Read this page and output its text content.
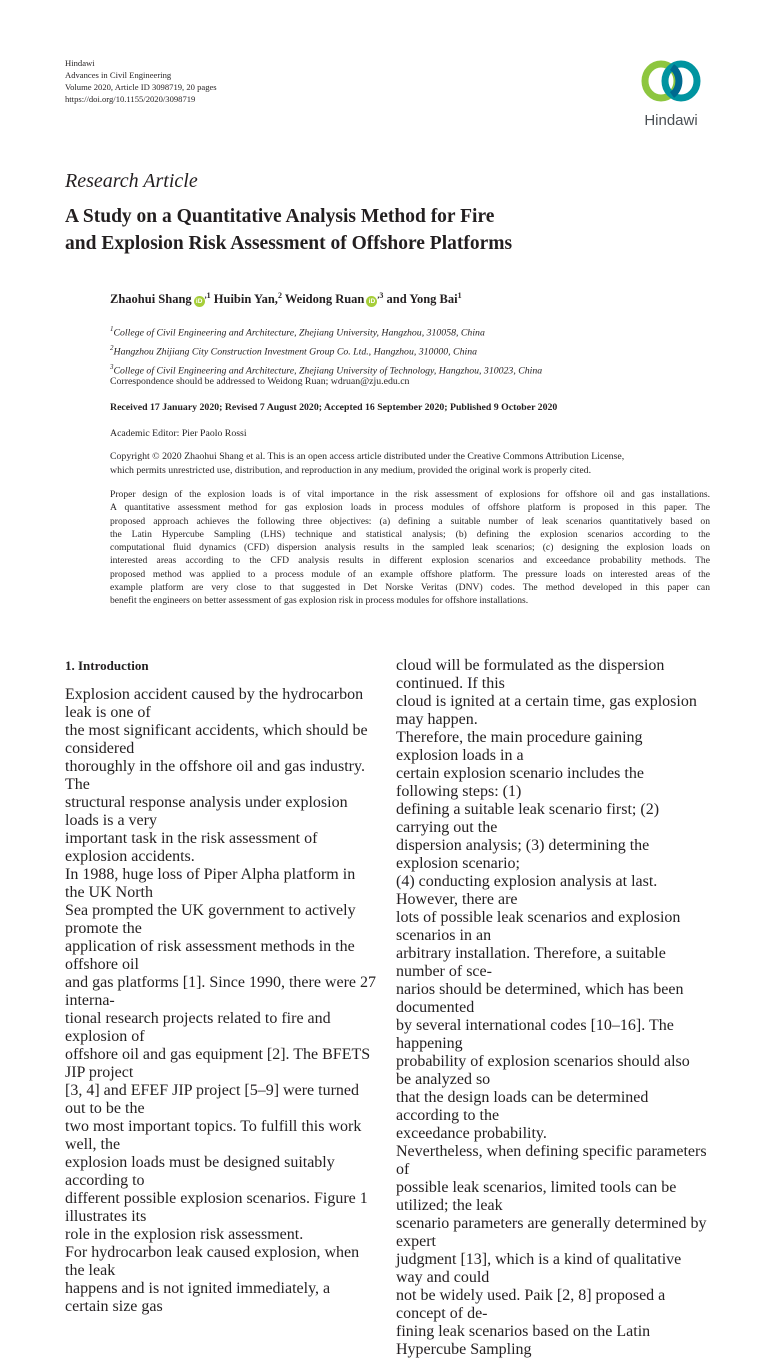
Hindawi
Advances in Civil Engineering
Volume 2020, Article ID 3098719, 20 pages
https://doi.org/10.1155/2020/3098719
Hindawi
Research Article
A Study on a Quantitative Analysis Method for Fire
and Explosion Risk Assessment of Offshore Platforms
Zhaohui Shang $iD^{,1}$ Huibin Yan,$^2$ Weidong Ruan $iD^{,3}$ and Yong Bai$^1$
$^1$College of Civil Engineering and Architecture, Zhejiang University, Hangzhou, 310058, China
$^2$Hangzhou Zhijiang City Construction Investment Group Co. Ltd., Hangzhou, 310000, China
$^3$College of Civil Engineering and Architecture, Zhejiang University of Technology, Hangzhou, 310023, China
Correspondence should be addressed to Weidong Ruan; wdruan@zju.edu.cn
Received 17 January 2020; Revised 7 August 2020; Accepted 16 September 2020; Published 9 October 2020
Academic Editor: Pier Paolo Rossi
Copyright © 2020 Zhaohui Shang et al. This is an open access article distributed under the Creative Commons Attribution License,
which permits unrestricted use, distribution, and reproduction in any medium, provided the original work is properly cited.
Proper design of the explosion loads is of vital importance in the risk assessment of explosions for offshore oil and gas installations.
A quantitative assessment method for gas explosion loads in process modules of offshore platform is proposed in this paper. The
proposed approach achieves the following three objectives: (a) defining a suitable number of leak scenarios quantitatively based on
the Latin Hypercube Sampling (LHS) technique and statistical analysis; (b) defining the explosion scenarios according to the
computational fluid dynamics (CFD) dispersion analysis results in the sampled leak scenarios; (c) designing the explosion loads on
interested areas according to the CFD analysis results in different explosion scenarios and exceedance probability methods. The
proposed method was applied to a process module of an example offshore platform. The pressure loads on interested areas of the
example platform are very close to that suggested in Det Norske Veritas (DNV) codes. The method developed in this paper can
benefit the engineers on better assessment of gas explosion risk in process modules for offshore installations.
1. Introduction
Explosion accident caused by the hydrocarbon leak is one of
the most significant accidents, which should be considered
thoroughly in the offshore oil and gas industry. The
structural response analysis under explosion loads is a very
important task in the risk assessment of explosion accidents.
In 1988, huge loss of Piper Alpha platform in the UK North
Sea prompted the UK government to actively promote the
application of risk assessment methods in the offshore oil
and gas platforms [1]. Since 1990, there were 27 interna-
tional research projects related to fire and explosion of
offshore oil and gas equipment [2]. The BFETS JIP project
[3, 4] and EFEF JIP project [5–9] were turned out to be the
two most important topics. To fulfill this work well, the
explosion loads must be designed suitably according to
different possible explosion scenarios. Figure 1 illustrates its
role in the explosion risk assessment.
For hydrocarbon leak caused explosion, when the leak
happens and is not ignited immediately, a certain size gas
cloud will be formulated as the dispersion continued. If this
cloud is ignited at a certain time, gas explosion may happen.
Therefore, the main procedure gaining explosion loads in a
certain explosion scenario includes the following steps: (1)
defining a suitable leak scenario first; (2) carrying out the
dispersion analysis; (3) determining the explosion scenario;
(4) conducting explosion analysis at last. However, there are
lots of possible leak scenarios and explosion scenarios in an
arbitrary installation. Therefore, a suitable number of sce-
narios should be determined, which has been documented
by several international codes [10–16]. The happening
probability of explosion scenarios should also be analyzed so
that the design loads can be determined according to the
exceedance probability.
Nevertheless, when defining specific parameters of
possible leak scenarios, limited tools can be utilized; the leak
scenario parameters are generally determined by expert
judgment [13], which is a kind of qualitative way and could
not be widely used. Paik [2, 8] proposed a concept of de-
fining leak scenarios based on the Latin Hypercube Sampling
